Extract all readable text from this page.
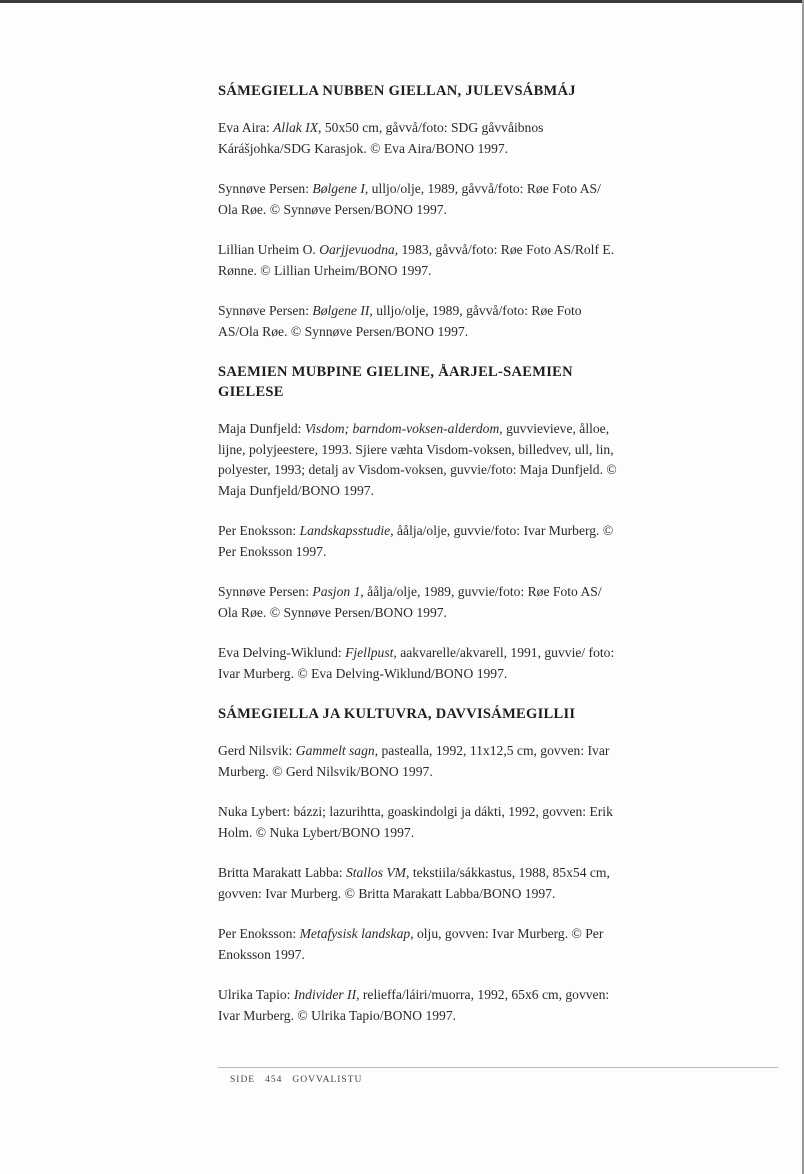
SÁMEGIELLA NUBBEN GIELLAN, JULEVSÁBMÁJ

Eva Aira: Allak IX, 50x50 cm, gåvvå/foto: SDG gåvvåibnos Kárášjohka/SDG Karasjok. © Eva Aira/BONO 1997.

Synnøve Persen: Bølgene I, ulljo/olje, 1989, gåvvå/foto: Røe Foto AS/ Ola Røe. © Synnøve Persen/BONO 1997.

Lillian Urheim O. Oarjjevuodna, 1983, gåvvå/foto: Røe Foto AS/Rolf E. Rønne. © Lillian Urheim/BONO 1997.

Synnøve Persen: Bølgene II, ulljo/olje, 1989, gåvvå/foto: Røe Foto AS/Ola Røe. © Synnøve Persen/BONO 1997.

SAEMIEN MUBPINE GIELINE, ÅARJEL-SAEMIEN GIELESE

Maja Dunfjeld: Visdom; barndom-voksen-alderdom, guvvievieve, ålloe, lijne, polyjeestere, 1993. Sjiere væhta Visdom-voksen, billedvev, ull, lin, polyester, 1993; detalj av Visdom-voksen, guvvie/foto: Maja Dunfjeld. © Maja Dunfjeld/BONO 1997.

Per Enoksson: Landskapsstudie, åålja/olje, guvvie/foto: Ivar Murberg. © Per Enoksson 1997.

Synnøve Persen: Pasjon 1, åålja/olje, 1989, guvvie/foto: Røe Foto AS/ Ola Røe. © Synnøve Persen/BONO 1997.

Eva Delving-Wiklund: Fjellpust, aakvarelle/akvarell, 1991, guvvie/ foto: Ivar Murberg. © Eva Delving-Wiklund/BONO 1997.

SÁMEGIELLA JA KULTUVRA, DAVVISÁMEGILLII

Gerd Nilsvik: Gammelt sagn, pasteallа, 1992, 11x12,5 cm, govven: Ivar Murberg. © Gerd Nilsvik/BONO 1997.

Nuka Lybert: bázzi; lazurihtta, goaskindolgi ja dákti, 1992, govven: Erik Holm. © Nuka Lybert/BONO 1997.

Britta Marakatt Labba: Stallos VM, tekstiila/sákkastus, 1988, 85x54 cm, govven: Ivar Murberg. © Britta Marakatt Labba/BONO 1997.

Per Enoksson: Metafysisk landskap, olju, govven: Ivar Murberg. © Per Enoksson 1997.

Ulrika Tapio: Individer II, relieffa/láiri/muorra, 1992, 65x6 cm, govven: Ivar Murberg. © Ulrika Tapio/BONO 1997.

SIDE 454 GOVVALISTU
